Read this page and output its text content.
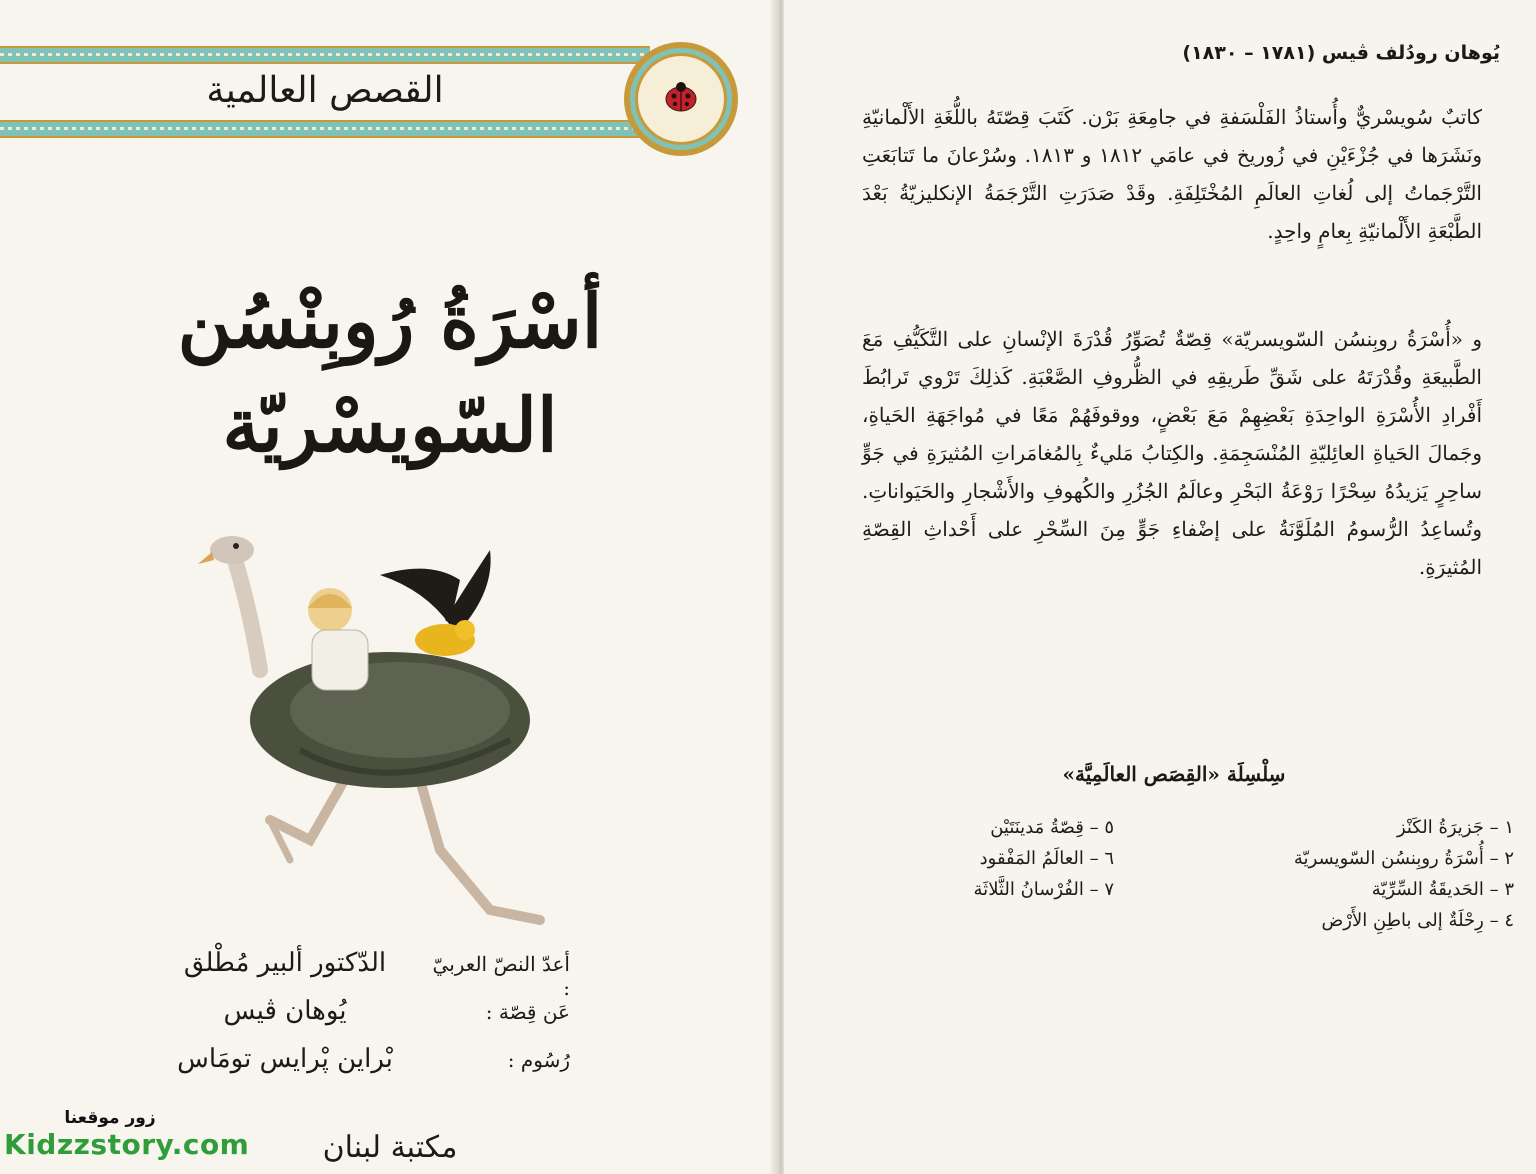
القصص العالمية
أسْرَةُ رُوبِنْسُن
السّويسْريّة
أعدّ النصّ العربيّ :
الدّكتور ألبير مُطْلق
عَن قِصّة :
يُوهان ڤيس
رُسُوم :
بْراين پْرايس تومَاس
مكتبة لبنان
زور موقعنا
Kidzzstory.com
يُوهان رودُلف ڤيس (١٧٨١ – ١٨٣٠)
كاتبٌ سُويسْريٌّ وأُستاذُ الفَلْسَفةِ في جامِعَةِ بَرْن. كَتَبَ قِصّتَهُ باللُّغَةِ الأَلْمانيّةِ ونَشَرَها في جُزْءَيْنِ في زُوريخ في عامَي ١٨١٢ و ١٨١٣. وسُرْعانَ ما تَتابَعَتِ التَّرْجَماتُ إلى لُغاتِ العالَمِ المُخْتَلِفَةِ. وقَدْ صَدَرَتِ التَّرْجَمَةُ الإنكليزيّةُ بَعْدَ الطَّبْعَةِ الأَلْمانيّةِ بِعامٍ واحِدٍ.
و «أُسْرَةُ روبِنسُن السّويسريّة» قِصّةٌ تُصَوِّرُ قُدْرَةَ الإنْسانِ على التَّكَيُّفِ مَعَ الطَّبيعَةِ وقُدْرَتَهُ على شَقِّ طَريقِهِ في الظُّروفِ الصَّعْبَةِ. كَذلِكَ تَرْوي تَرابُطَ أَفْرادِ الأُسْرَةِ الواحِدَةِ بَعْضِهِمْ مَعَ بَعْضٍ، ووقوفَهُمْ مَعًا في مُواجَهَةِ الحَياةِ، وجَمالَ الحَياةِ العائِليّةِ المُنْسَجِمَةِ. والكِتابُ مَليءٌ بِالمُغامَراتِ المُثيرَةِ في جَوٍّ ساحِرٍ يَزيدُهُ سِحْرًا رَوْعَةُ البَحْرِ وعالَمُ الجُزُرِ والكُهوفِ والأَشْجارِ والحَيَواناتِ. وتُساعِدُ الرُّسومُ المُلَوَّنَةُ على إضْفاءِ جَوٍّ مِنَ السِّحْرِ على أَحْداثِ القِصّةِ المُثيرَةِ.
سِلْسِلَة «القِصَص العالَمِيَّة»
١ – جَزيرَةُ الكَنْز
٢ – أُسْرَةُ روبِنسُن السّويسريّة
٣ – الحَديقَةُ السِّرِّيّة
٤ – رِحْلَةٌ إلى باطِنِ الأَرْض
٥ – قِصّةُ مَدينَتَيْن
٦ – العالَمُ المَفْقود
٧ – الفُرْسانُ الثَّلاثَة
